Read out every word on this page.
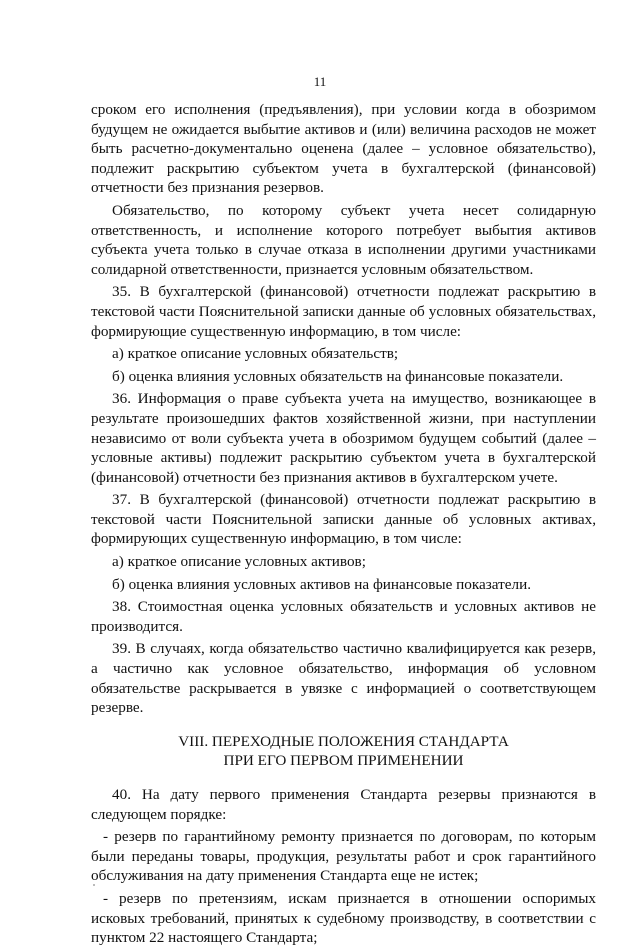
11

сроком его исполнения (предъявления), при условии когда в обозримом будущем не ожидается выбытие активов и (или) величина расходов не может быть расчетно-документально оценена (далее – условное обязательство), подлежит раскрытию субъектом учета в бухгалтерской (финансовой) отчетности без признания резервов.

Обязательство, по которому субъект учета несет солидарную ответственность, и исполнение которого потребует выбытия активов субъекта учета только в случае отказа в исполнении другими участниками солидарной ответственности, признается условным обязательством.

35. В бухгалтерской (финансовой) отчетности подлежат раскрытию в текстовой части Пояснительной записки данные об условных обязательствах, формирующие существенную информацию, в том числе:

а) краткое описание условных обязательств;

б) оценка влияния условных обязательств на финансовые показатели.

36. Информация о праве субъекта учета на имущество, возникающее в результате произошедших фактов хозяйственной жизни, при наступлении независимо от воли субъекта учета в обозримом будущем событий (далее – условные активы) подлежит раскрытию субъектом учета в бухгалтерской (финансовой) отчетности без признания активов в бухгалтерском учете.

37. В бухгалтерской (финансовой) отчетности подлежат раскрытию в текстовой части Пояснительной записки данные об условных активах, формирующих существенную информацию, в том числе:

а) краткое описание условных активов;

б) оценка влияния условных активов на финансовые показатели.

38. Стоимостная оценка условных обязательств и условных активов не производится.

39. В случаях, когда обязательство частично квалифицируется как резерв, а частично как условное обязательство, информация об условном обязательстве раскрывается в увязке с информацией о соответствующем резерве.

VIII. ПЕРЕХОДНЫЕ ПОЛОЖЕНИЯ СТАНДАРТА
ПРИ ЕГО ПЕРВОМ ПРИМЕНЕНИИ

40. На дату первого применения Стандарта резервы признаются в следующем порядке:

- резерв по гарантийному ремонту признается по договорам, по которым были переданы товары, продукция, результаты работ и срок гарантийного обслуживания на дату применения Стандарта еще не истек;

- резерв по претензиям, искам признается в отношении оспоримых исковых требований, принятых к судебному производству, в соответствии с пунктом 22 настоящего Стандарта;
